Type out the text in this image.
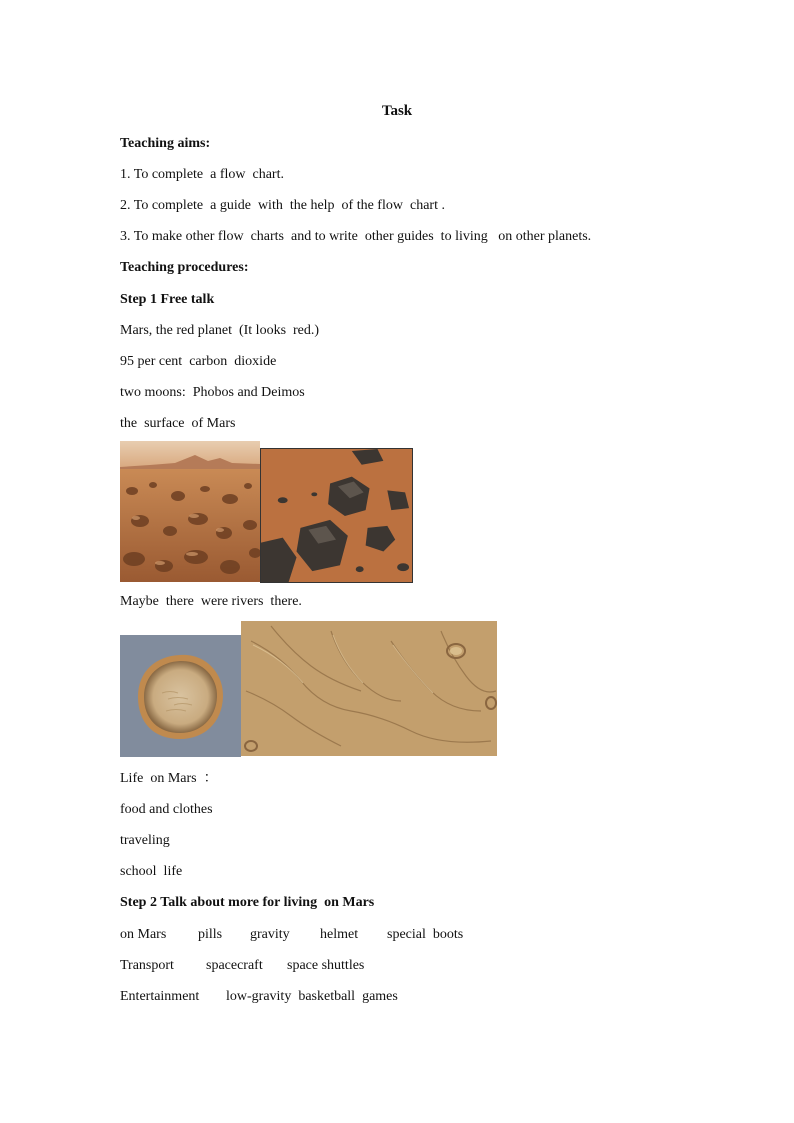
Task
Teaching aims:
1. To complete  a flow  chart.
2. To complete  a guide  with  the help  of the flow  chart .
3. To make other flow  charts  and to write  other guides  to living   on other planets.
Teaching procedures:
Step 1 Free talk
Mars, the red planet  (It looks  red.)
95 per cent  carbon  dioxide
two moons:  Phobos and Deimos
the  surface  of Mars
Maybe  there  were rivers  there.
Life  on Mars  ：
food and clothes
traveling
school  life
Step 2 Talk about more for living  on Mars
on Mars	pills	gravity	helmet	special  boots
Transport	spacecraft	space shuttles
Entertainment	low-gravity  basketball  games
